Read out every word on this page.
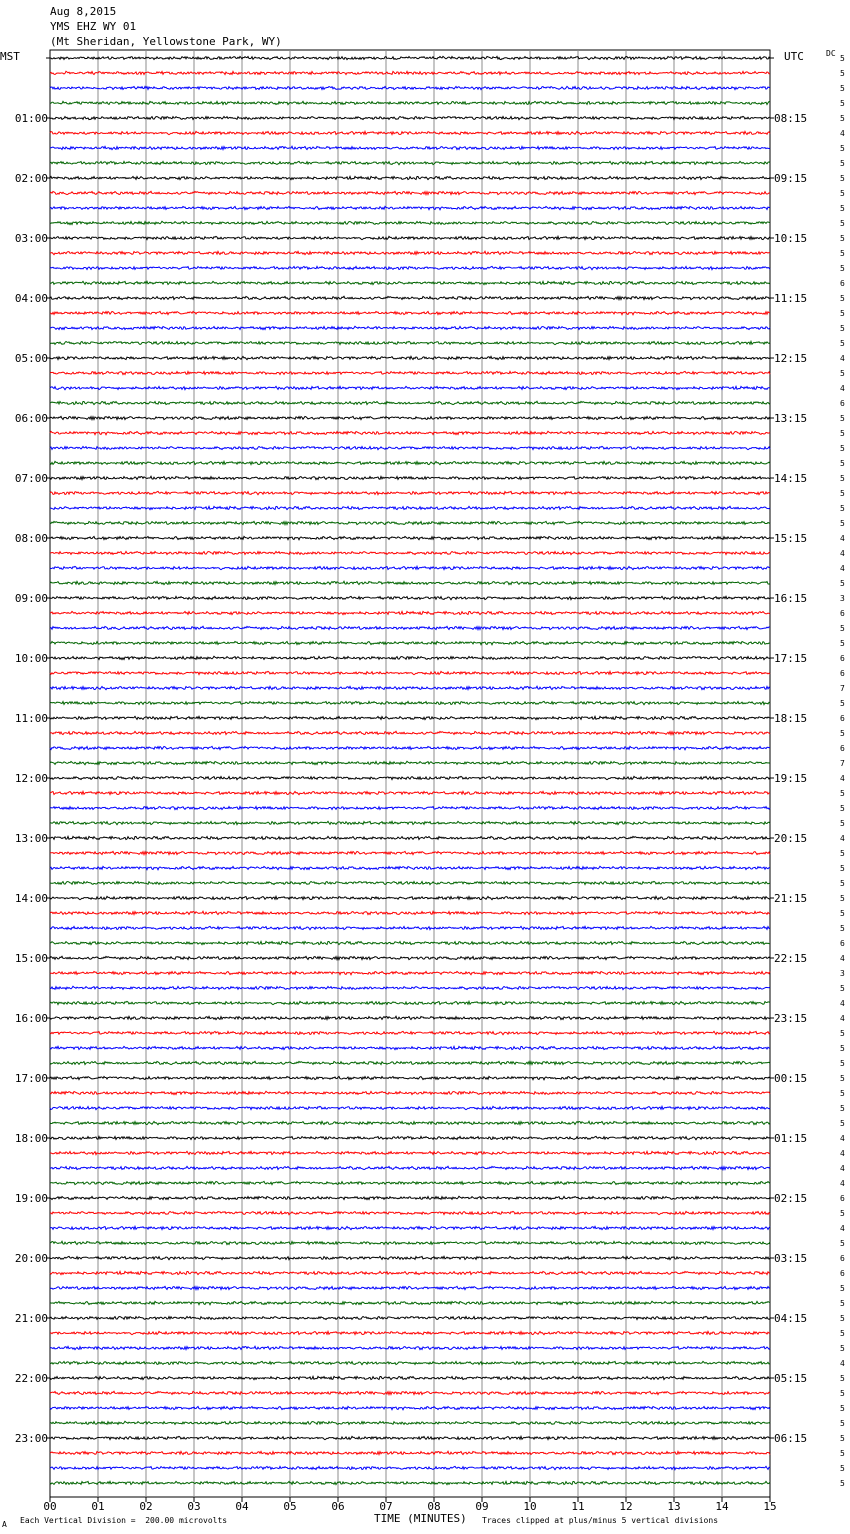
Aug 8,2015
YMS EHZ WY 01
(Mt Sheridan, Yellowstone Park, WY)
MST	UTC	DC
5
5
5
5
5
4
5
5
5
5
5
5
5
5
5
6
5
5
5
5
4
5
4
6
5
5
5
5
5
5
5
5
4
4
4
5
3
6
5
5
6
6
7
5
6
5
6
7
4
5
5
5
4
5
5
5
5
5
5
6
4
3
5
4
4
5
5
5
5
5
5
5
4
4
4
4
6
5
4
5
6
6
5
5
5
5
5
4
5
5
5
5
5
5
5
5
01:00
02:00
03:00
04:00
05:00
06:00
07:00
08:00
09:00
10:00
11:00
12:00
13:00
14:00
15:00
16:00
17:00
18:00
19:00
20:00
21:00
22:00
23:00
08:15
09:15
10:15
11:15
12:15
13:15
14:15
15:15
16:15
17:15
18:15
19:15
20:15
21:15
22:15
23:15
00:15
01:15
02:15
03:15
04:15
05:15
06:15
00	01	02	03	04	05	06	07	08	09	10	11	12	13	14	15
A Each Vertical Division =  200.00 microvolts	TIME (MINUTES) Traces clipped at plus/minus 5 vertical divisions
